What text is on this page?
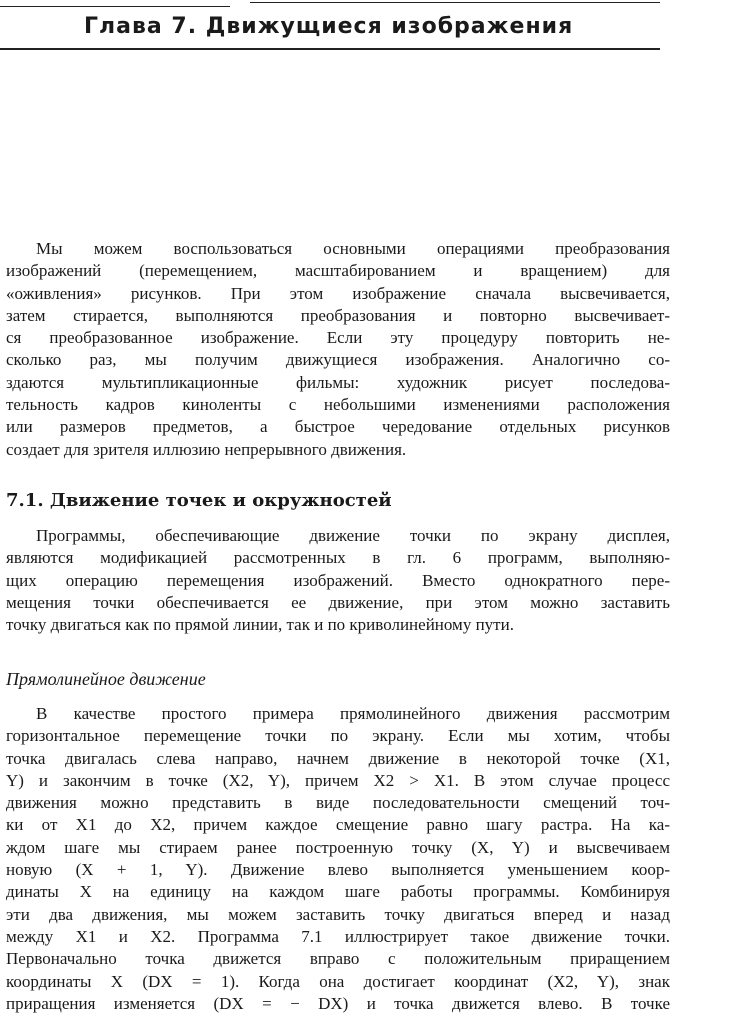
Глава 7. Движущиеся изображения
Мы можем воспользоваться основными операциями преобразования
изображений (перемещением, масштабированием и вращением) для
«оживления» рисунков. При этом изображение сначала высвечивается,
затем стирается, выполняются преобразования и повторно высвечивает-
ся преобразованное изображение. Если эту процедуру повторить не-
сколько раз, мы получим движущиеся изображения. Аналогично со-
здаются мультипликационные фильмы: художник рисует последова-
тельность кадров киноленты с небольшими изменениями расположения
или размеров предметов, а быстрое чередование отдельных рисунков
создает для зрителя иллюзию непрерывного движения.
7.1. Движение точек и окружностей
Программы, обеспечивающие движение точки по экрану дисплея,
являются модификацией рассмотренных в гл. 6 программ, выполняю-
щих операцию перемещения изображений. Вместо однократного пере-
мещения точки обеспечивается ее движение, при этом можно заставить
точку двигаться как по прямой линии, так и по криволинейному пути.
Прямолинейное движение
В качестве простого примера прямолинейного движения рассмотрим
горизонтальное перемещение точки по экрану. Если мы хотим, чтобы
точка двигалась слева направо, начнем движение в некоторой точке (X1,
Y) и закончим в точке (X2, Y), причем X2 > X1. В этом случае процесс
движения можно представить в виде последовательности смещений точ-
ки от X1 до X2, причем каждое смещение равно шагу растра. На ка-
ждом шаге мы стираем ранее построенную точку (X, Y) и высвечиваем
новую (X + 1, Y). Движение влево выполняется уменьшением коор-
динаты X на единицу на каждом шаге работы программы. Комбинируя
эти два движения, мы можем заставить точку двигаться вперед и назад
между X1 и X2. Программа 7.1 иллюстрирует такое движение точки.
Первоначально точка движется вправо с положительным приращением
координаты X (DX = 1). Когда она достигает координат (X2, Y), знак
приращения изменяется (DX = − DX) и точка движется влево. В точке
